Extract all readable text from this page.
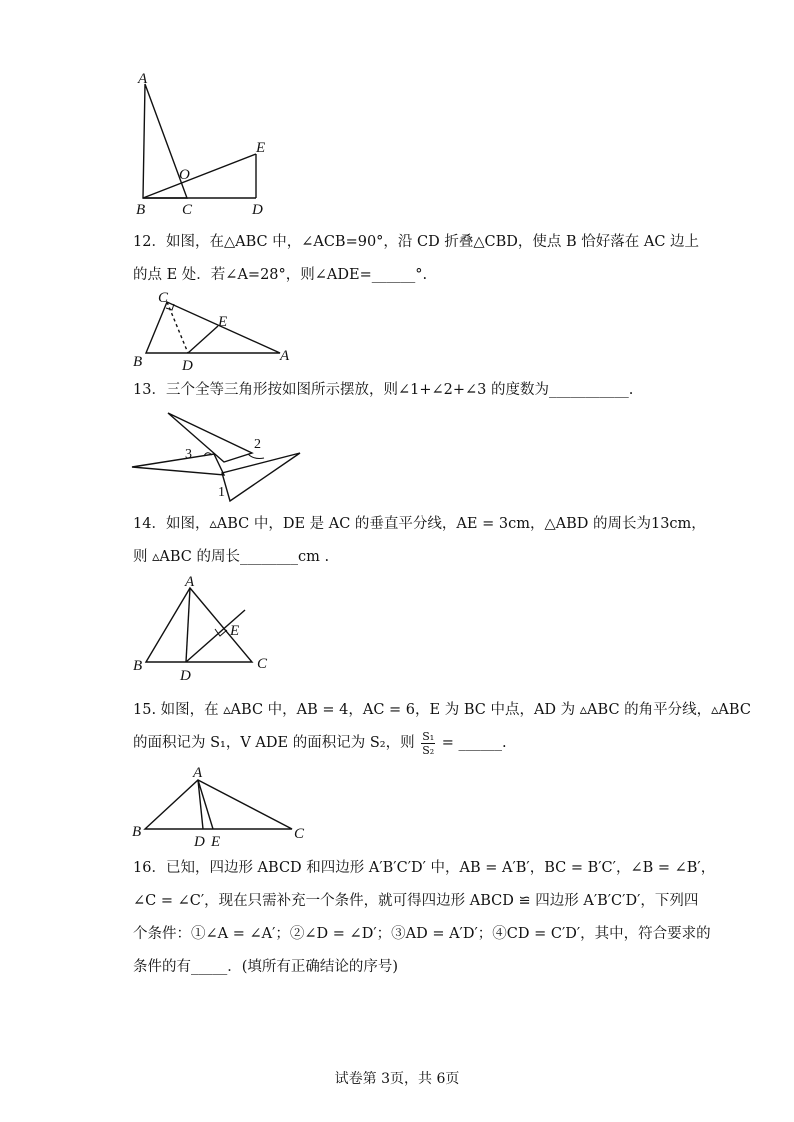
A
B C	D
E
O
12．如图，在△ABC 中，∠ACB=90°，沿 CD 折叠△CBD，使点 B 恰好落在 AC 边上
的点 E 处．若∠A=28°，则∠ADE=______°.
C
E
B	D
A
13．三个全等三角形按如图所示摆放，则∠1+∠2+∠3 的度数为___________.
3
2
1
14．如图，▵ABC 中，DE 是 AC 的垂直平分线，AE = 3cm，△ABD 的周长为13cm，
则 ▵ABC 的周长________cm .
A
E
B
D
C
15. 如图，在 ▵ABC 中，AB = 4，AC = 6，E 为 BC 中点，AD 为 ▵ABC 的角平分线，▵ABC
的面积记为 S₁，V ADE 的面积记为 S₂，则 $\frac{\text{S₁}}{\text{S₂}}$ = ______.
A
B
D E	C
16．已知，四边形 ABCD 和四边形 A′B′C′D′ 中，AB = A′B′，BC = B′C′，∠B = ∠B′，
∠C = ∠C′，现在只需补充一个条件，就可得四边形 ABCD ≌ 四边形 A′B′C′D′，下列四
个条件：①∠A = ∠A′；②∠D = ∠D′；③AD = A′D′；④CD = C′D′，其中，符合要求的
条件的有_____．(填所有正确结论的序号)
试卷第 3页，共 6页
